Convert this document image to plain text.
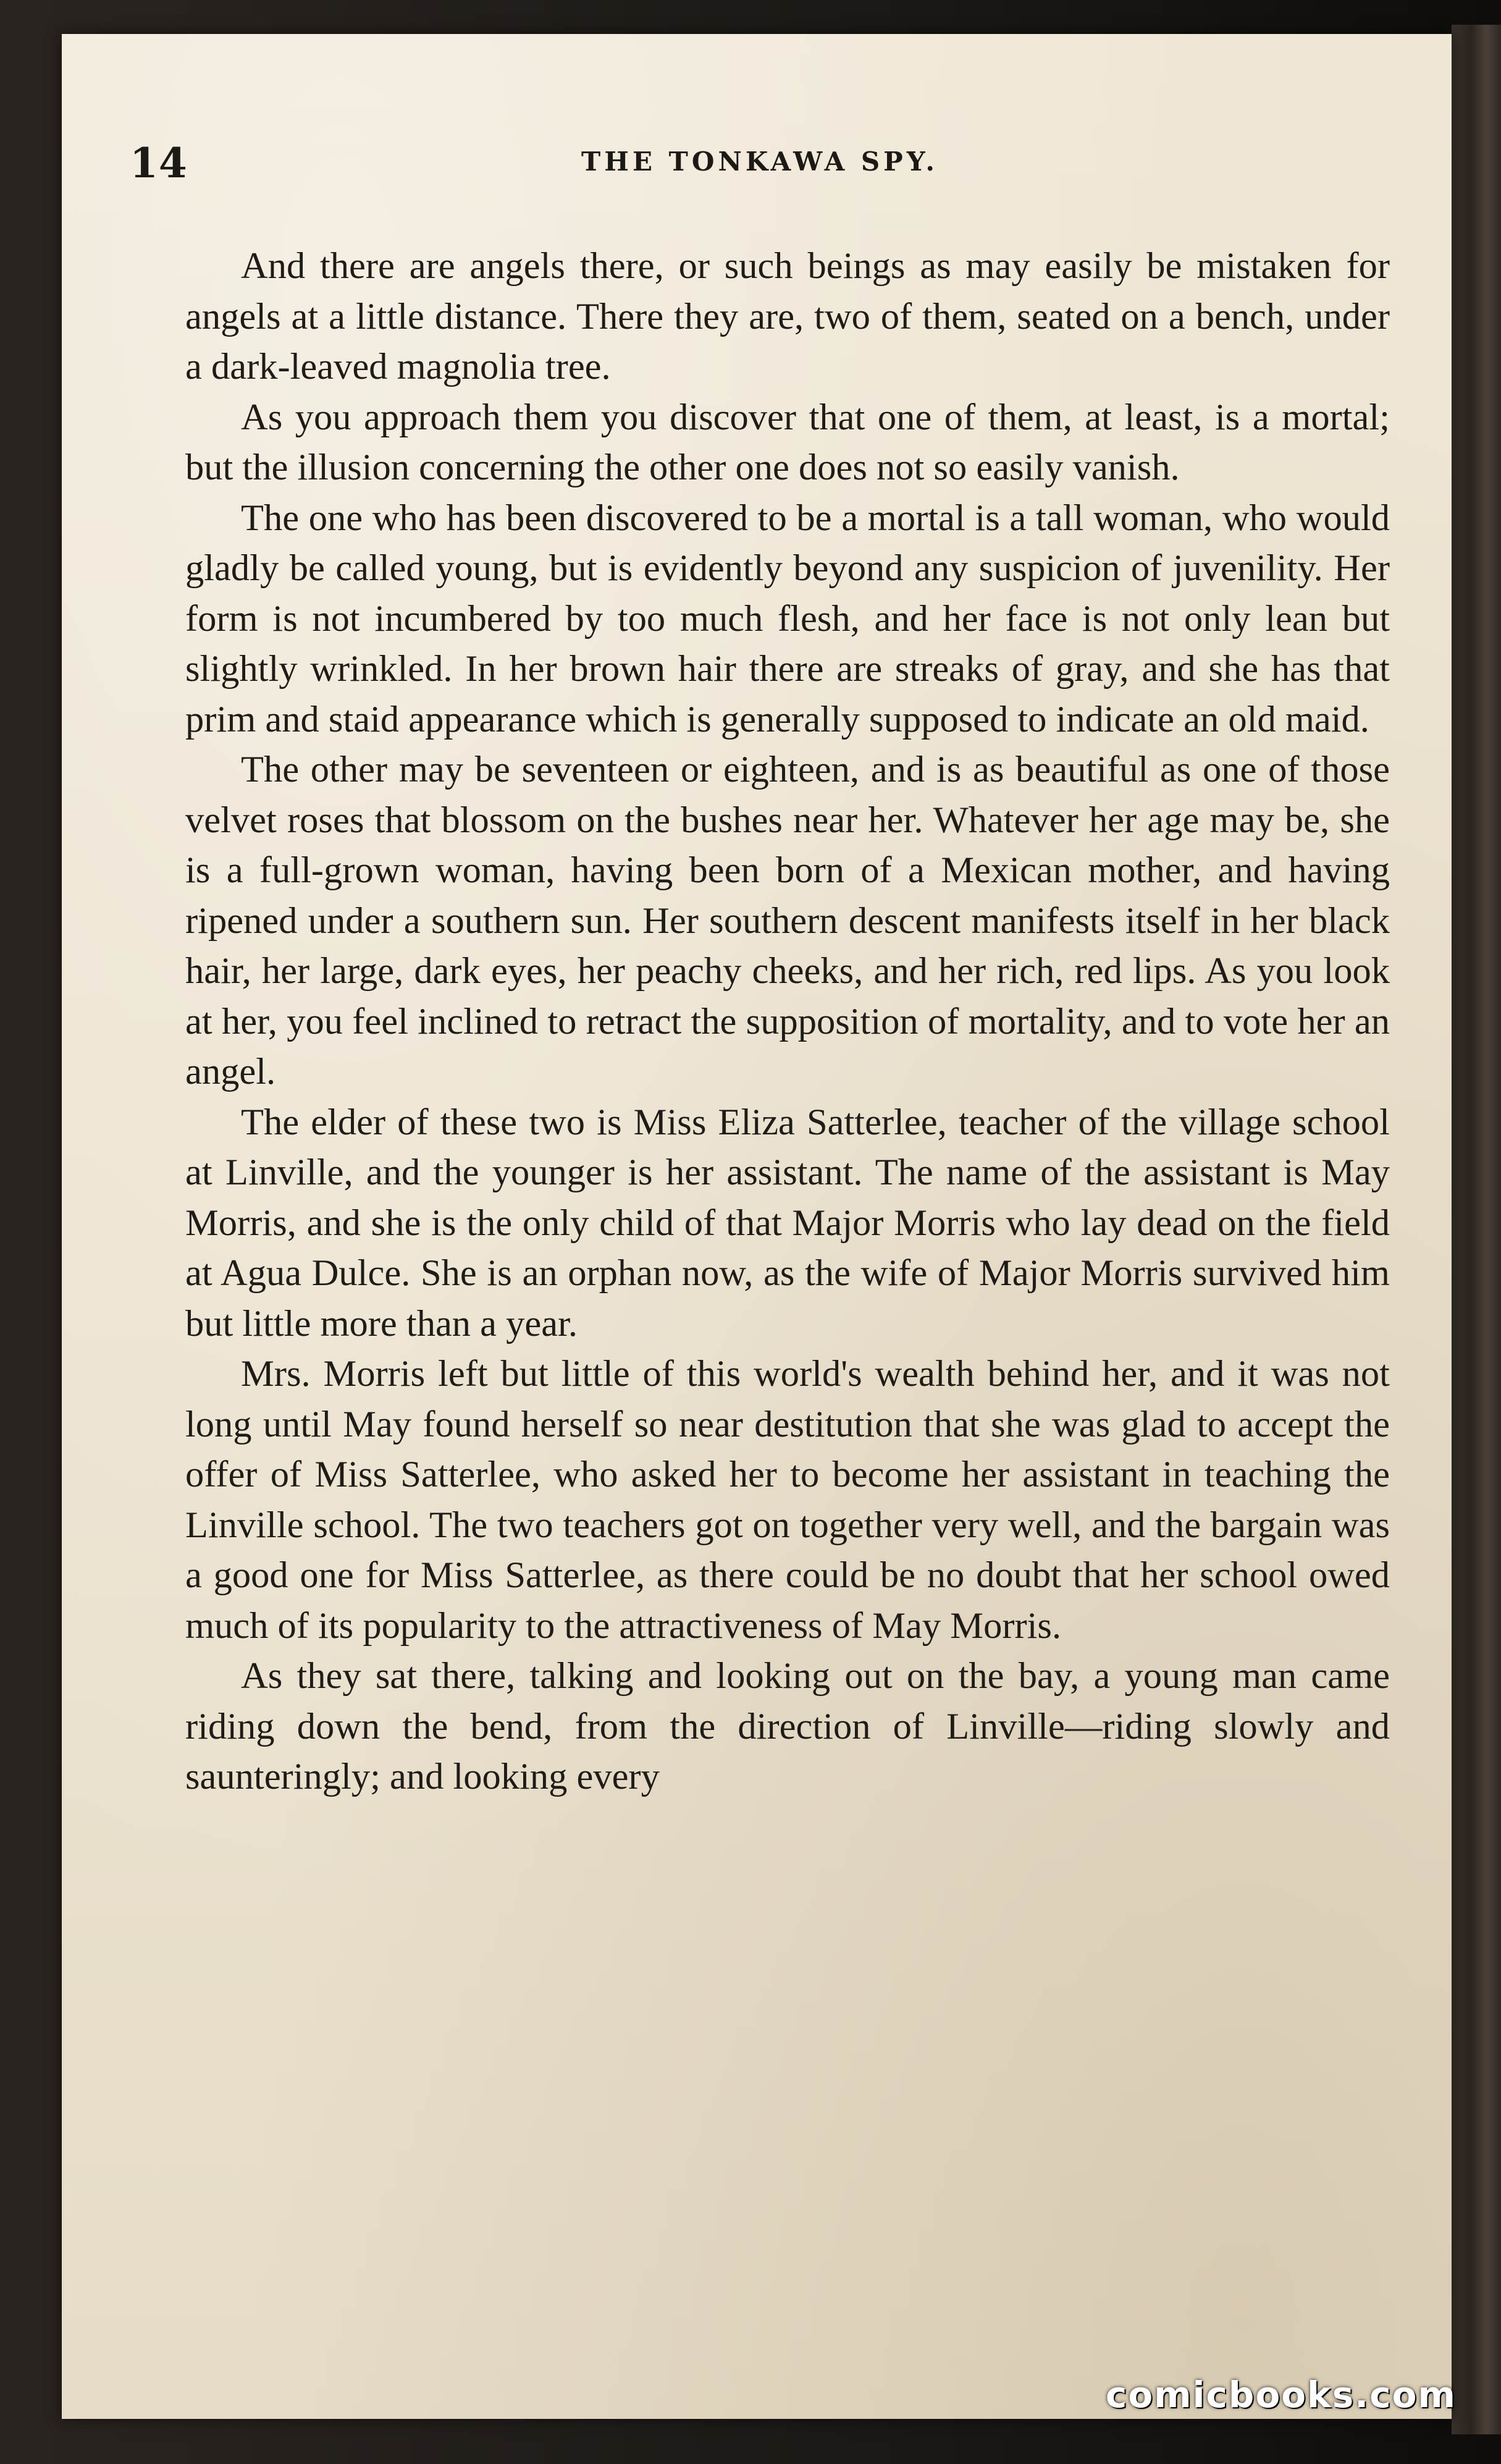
14	THE TONKAWA SPY.

And there are angels there, or such beings as may easily be mistaken for angels at a little distance. There they are, two of them, seated on a bench, under a dark-leaved magnolia tree.

As you approach them you discover that one of them, at least, is a mortal; but the illusion concerning the other one does not so easily vanish.

The one who has been discovered to be a mortal is a tall woman, who would gladly be called young, but is evidently beyond any suspicion of juvenility. Her form is not incumbered by too much flesh, and her face is not only lean but slightly wrinkled. In her brown hair there are streaks of gray, and she has that prim and staid appearance which is generally supposed to indicate an old maid.

The other may be seventeen or eighteen, and is as beautiful as one of those velvet roses that blossom on the bushes near her. Whatever her age may be, she is a full-grown woman, having been born of a Mexican mother, and having ripened under a southern sun. Her southern descent manifests itself in her black hair, her large, dark eyes, her peachy cheeks, and her rich, red lips. As you look at her, you feel inclined to retract the supposition of mortality, and to vote her an angel.

The elder of these two is Miss Eliza Satterlee, teacher of the village school at Linville, and the younger is her assistant. The name of the assistant is May Morris, and she is the only child of that Major Morris who lay dead on the field at Agua Dulce. She is an orphan now, as the wife of Major Morris survived him but little more than a year.

Mrs. Morris left but little of this world's wealth behind her, and it was not long until May found herself so near destitution that she was glad to accept the offer of Miss Satterlee, who asked her to become her assistant in teaching the Linville school. The two teachers got on together very well, and the bargain was a good one for Miss Satterlee, as there could be no doubt that her school owed much of its popularity to the attractiveness of May Morris.

As they sat there, talking and looking out on the bay, a young man came riding down the bend, from the direction of Linville—riding slowly and saunteringly; and looking every

comicbooks.com
